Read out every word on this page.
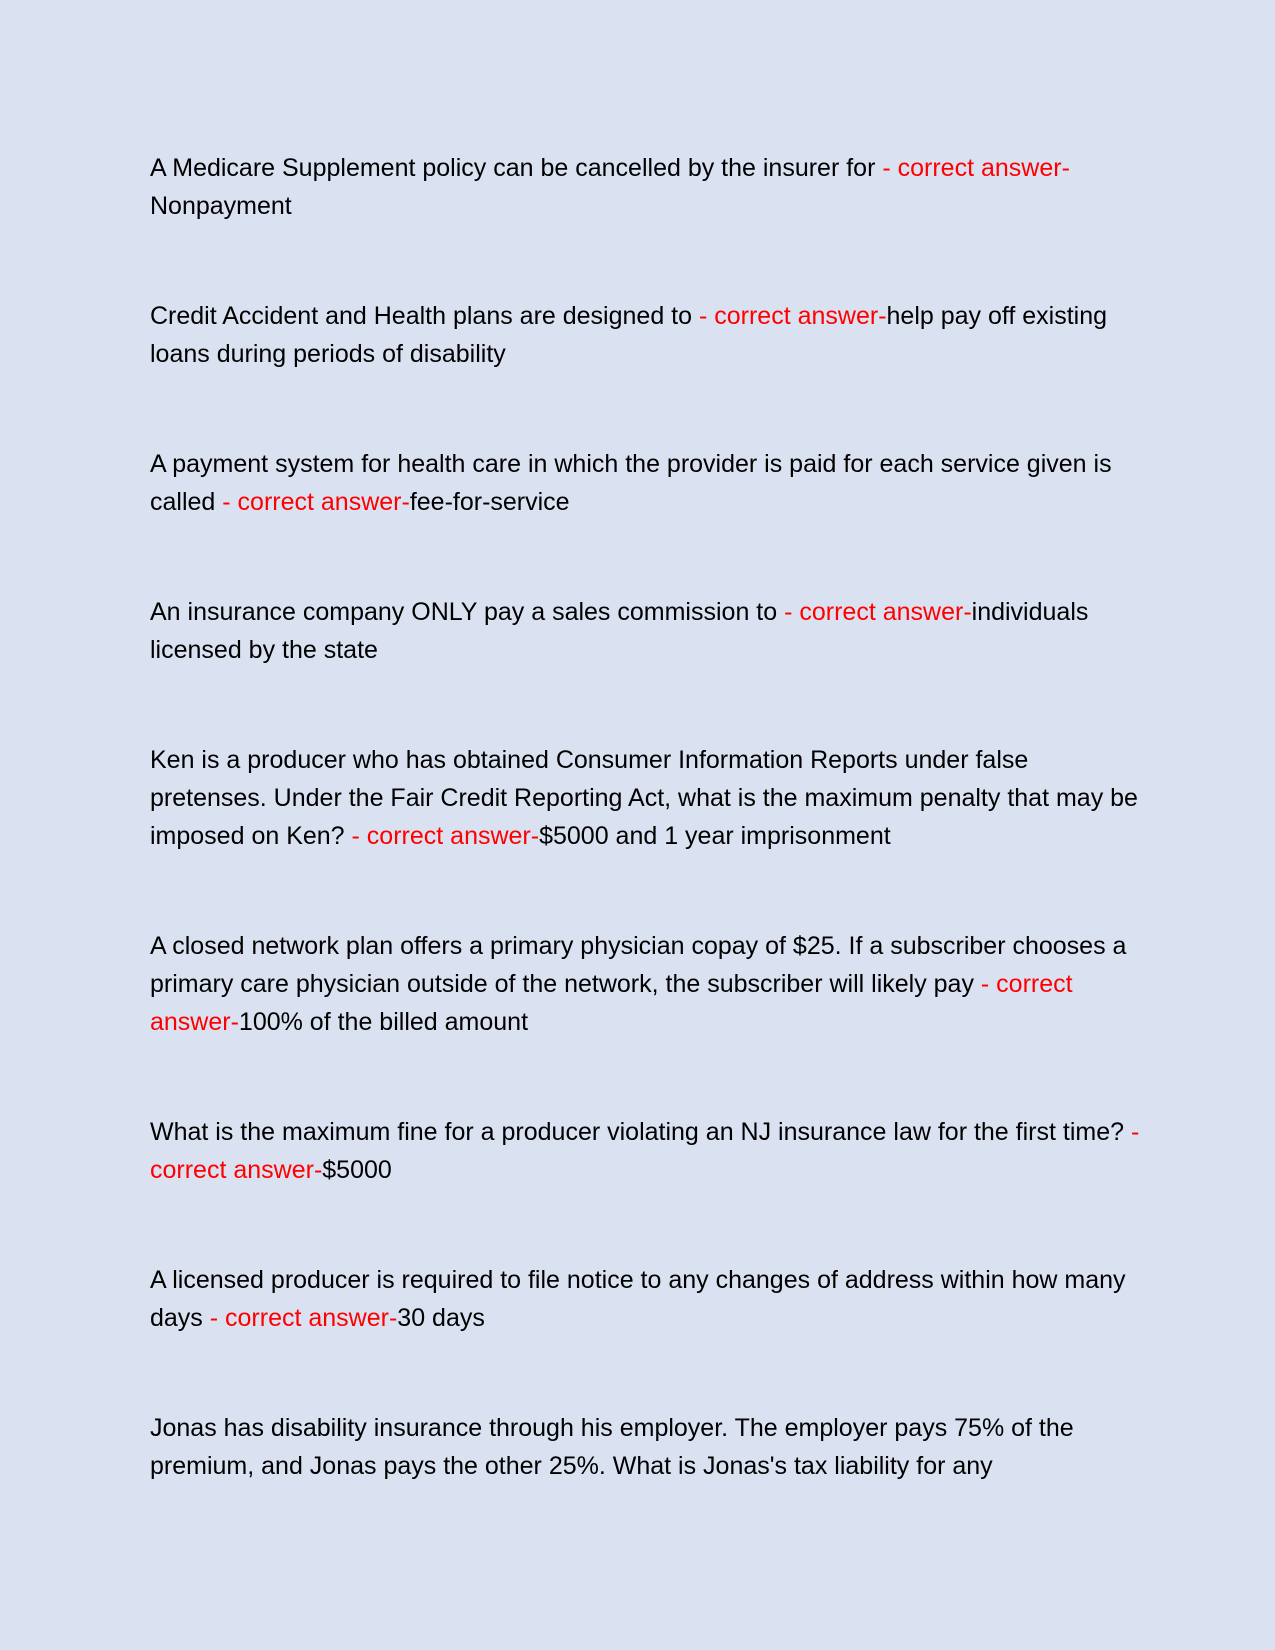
A Medicare Supplement policy can be cancelled by the insurer for - correct answer-Nonpayment

Credit Accident and Health plans are designed to - correct answer-help pay off existing loans during periods of disability

A payment system for health care in which the provider is paid for each service given is called - correct answer-fee-for-service

An insurance company ONLY pay a sales commission to - correct answer-individuals licensed by the state

Ken is a producer who has obtained Consumer Information Reports under false pretenses. Under the Fair Credit Reporting Act, what is the maximum penalty that may be imposed on Ken? - correct answer-$5000 and 1 year imprisonment

A closed network plan offers a primary physician copay of $25. If a subscriber chooses a primary care physician outside of the network, the subscriber will likely pay - correct answer-100% of the billed amount

What is the maximum fine for a producer violating an NJ insurance law for the first time? - correct answer-$5000

A licensed producer is required to file notice to any changes of address within how many days - correct answer-30 days

Jonas has disability insurance through his employer. The employer pays 75% of the premium, and Jonas pays the other 25%. What is Jonas's tax liability for any
